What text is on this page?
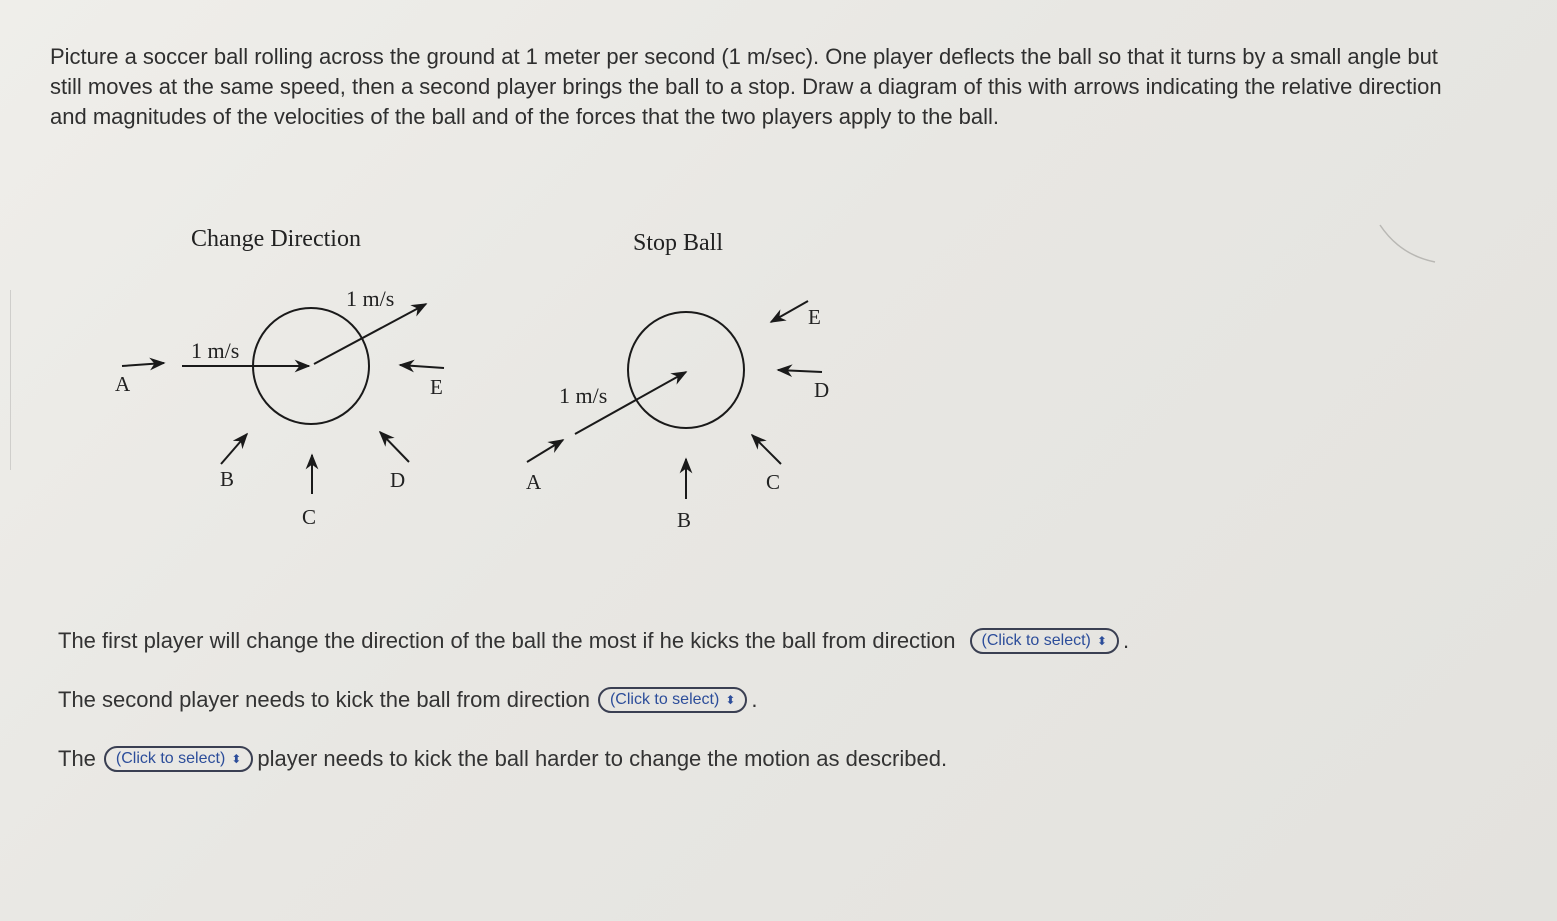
Picture a soccer ball rolling across the ground at 1 meter per second (1 m/sec). One player deflects the ball so that it turns by a small angle but still moves at the same speed, then a second player brings the ball to a stop. Draw a diagram of this with arrows indicating the relative direction and magnitudes of the velocities of the ball and of the forces that the two players apply to the ball.

Change Direction
1 m/s
1 m/s
A
B
C
D
E
Stop Ball
1 m/s
A
B
C
D
E
The first player will change the direction of the ball the most if he kicks the ball from direction (Click to select) ⬍ .
The second player needs to kick the ball from direction (Click to select) ⬍ .
The (Click to select) ⬍ player needs to kick the ball harder to change the motion as described.
